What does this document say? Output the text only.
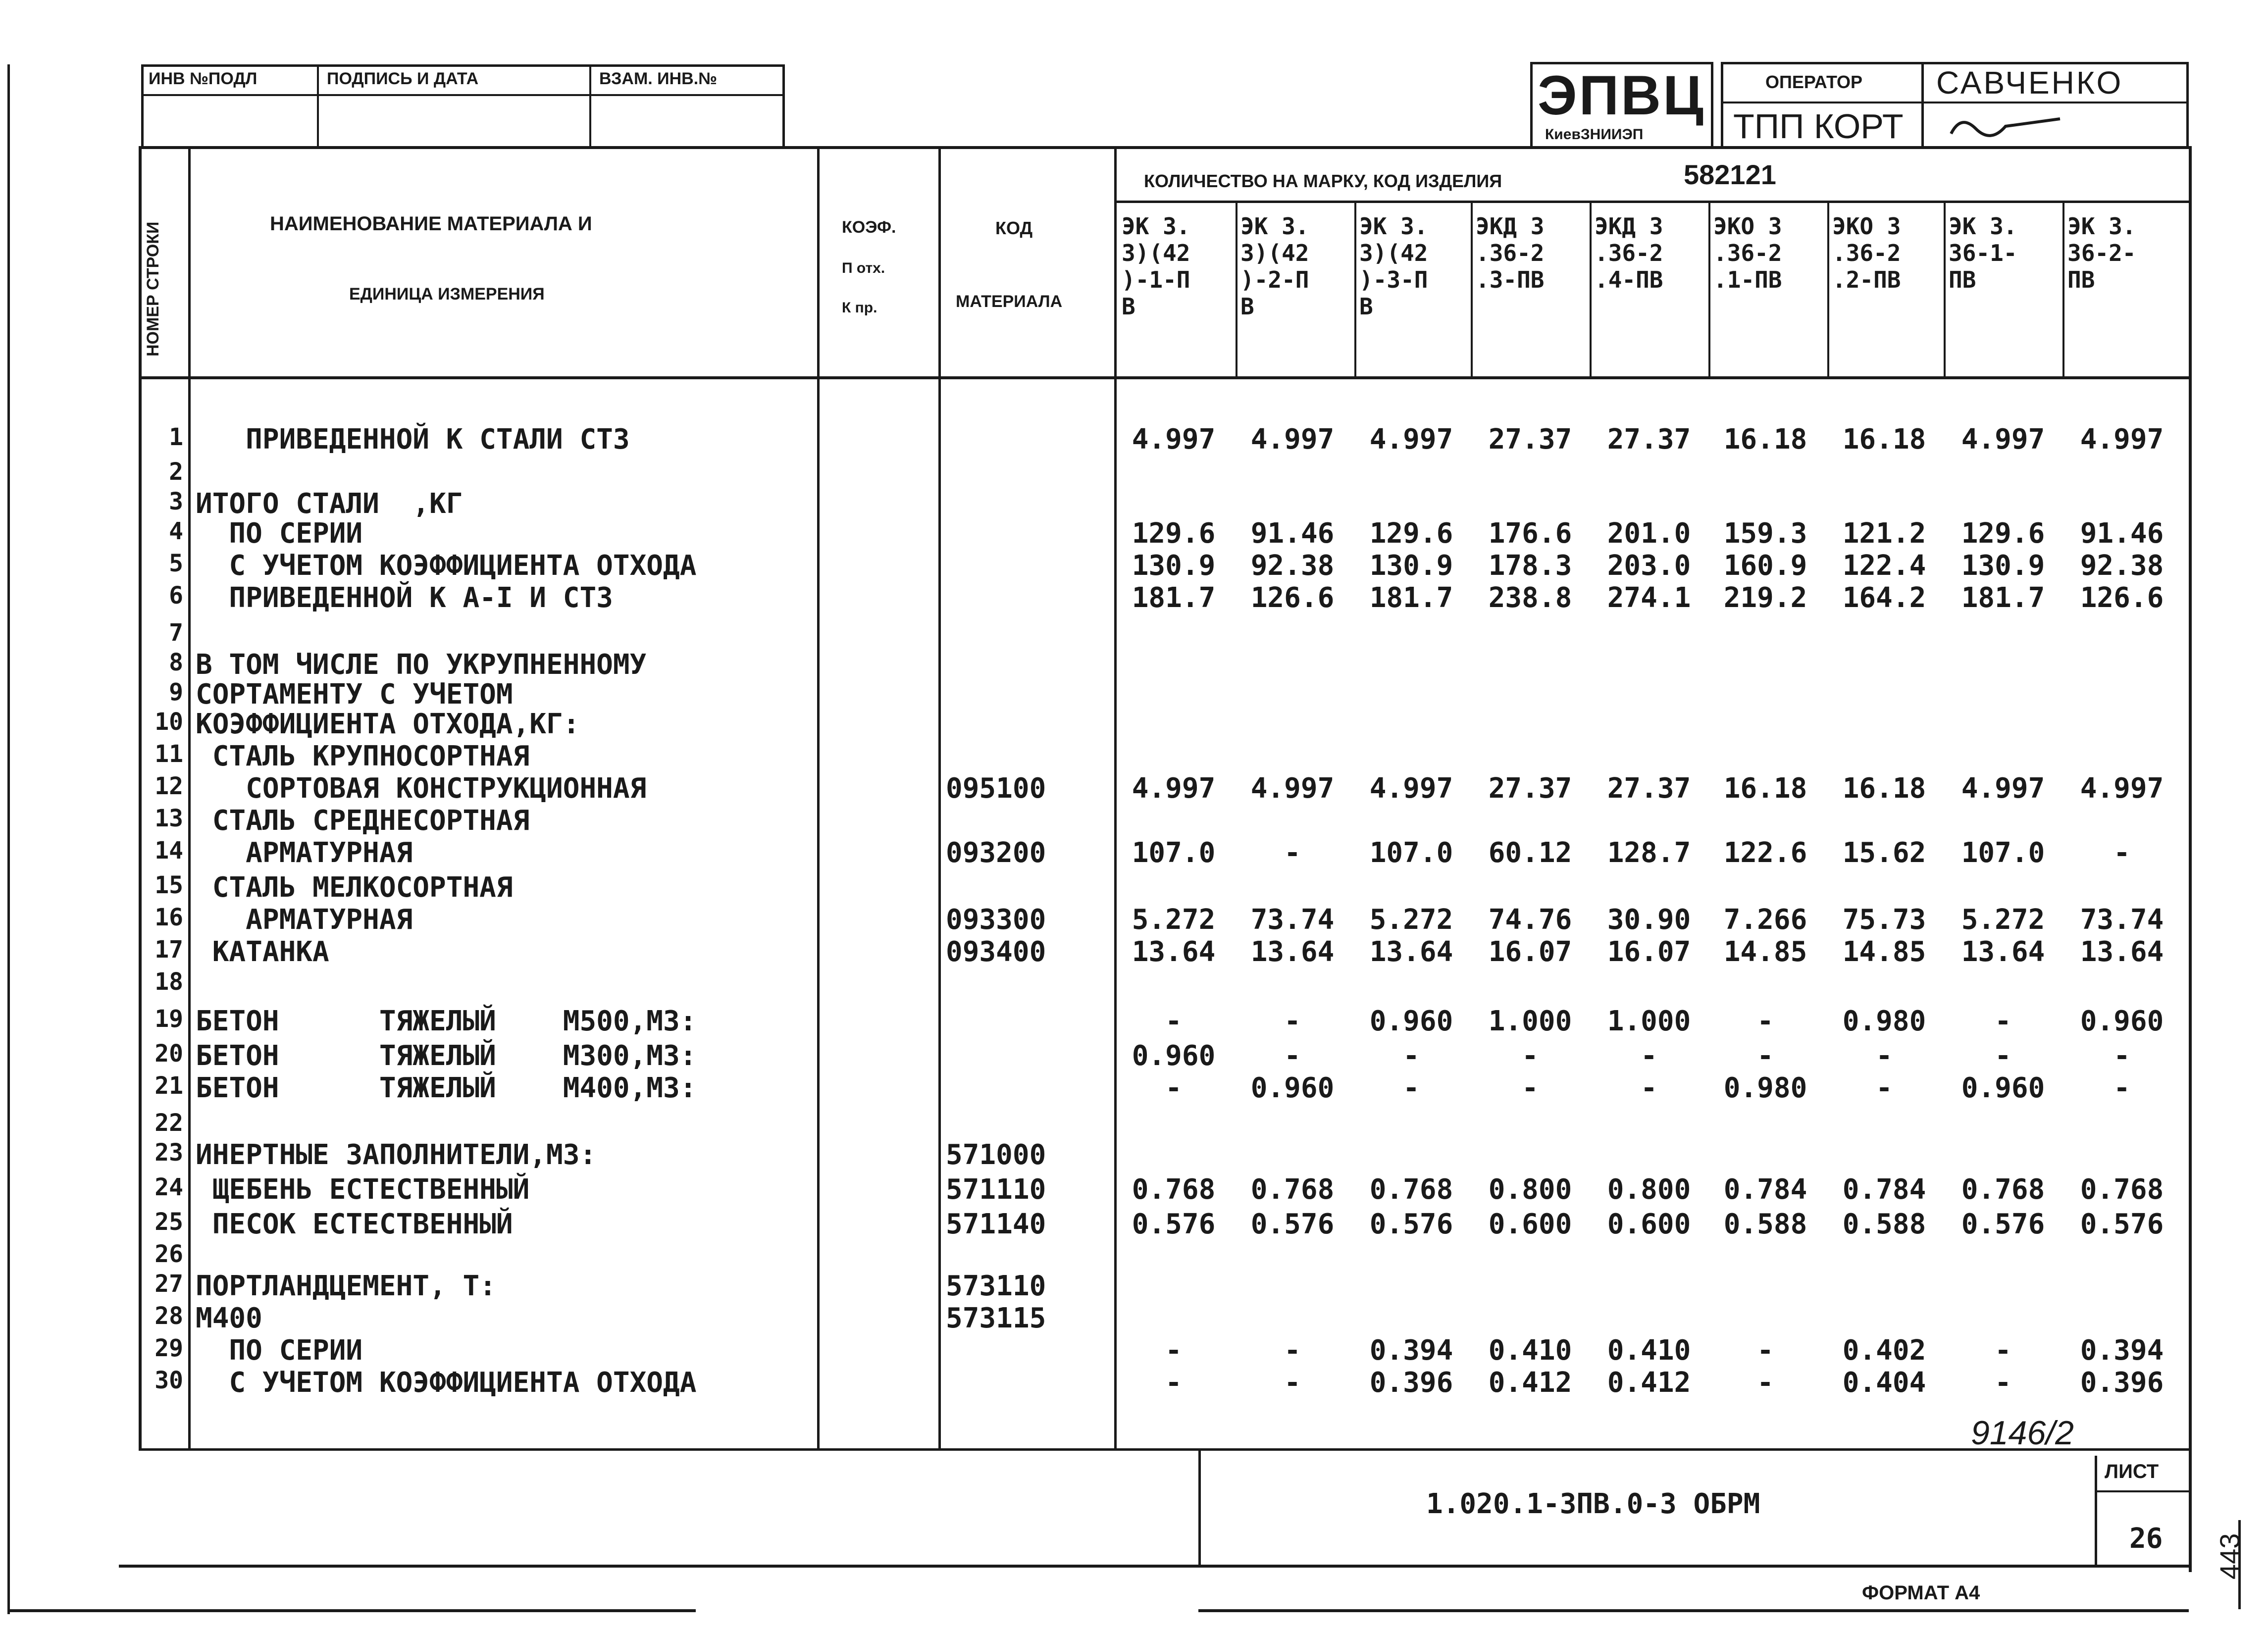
ИНВ №ПОДЛ	ПОДПИСЬ И ДАТА	ВЗАМ. ИНВ.№	ЭПВЦ
КиевЗНИИЭП
ОПЕРАТОР САВЧЕНКО
ТПП КОРТ
НОМЕР СТРОКИ	НАИМЕНОВАНИЕ МАТЕРИАЛА И
ЕДИНИЦА ИЗМЕРЕНИЯ
КОЭФ.
П отх.
К пр.
КОД
МАТЕРИАЛА
КОЛИЧЕСТВО НА МАРКУ, КОД ИЗДЕЛИЯ	582121
ЭК 3.
3)(42
)-1-П
В
ЭК 3.
3)(42
)-2-П
В
ЭК 3.
3)(42
)-3-П
В
ЭКД 3
.36-2
.3-ПВ
ЭКД 3
.36-2
.4-ПВ
ЭКО 3
.36-2
.1-ПВ
ЭКО 3
.36-2
.2-ПВ
ЭК 3.
36-1-
ПВ
ЭК 3.
36-2-
ПВ
1 ПРИВЕДЕННОЙ К СТАЛИ СТЗ	4.997	4.997	4.997	27.37	27.37	16.18	16.18	4.997	4.997
2
3 ИТОГО СТАЛИ  ,КГ
4 ПО СЕРИИ	129.6	91.46	129.6	176.6	201.0	159.3	121.2	129.6	91.46
5 С УЧЕТОМ КОЭФФИЦИЕНТА ОТХОДА	130.9	92.38	130.9	178.3	203.0	160.9	122.4	130.9	92.38
6 ПРИВЕДЕННОЙ К А-I И СТЗ	181.7	126.6	181.7	238.8	274.1	219.2	164.2	181.7	126.6
7
8 В ТОМ ЧИСЛЕ ПО УКРУПНЕННОМУ
9 СОРТАМЕНТУ С УЧЕТОМ
10 КОЭФФИЦИЕНТА ОТХОДА,КГ:
11 СТАЛЬ КРУПНОСОРТНАЯ
12 СОРТОВАЯ КОНСТРУКЦИОННАЯ	095100	4.997	4.997	4.997	27.37	27.37	16.18	16.18	4.997	4.997
13 СТАЛЬ СРЕДНЕСОРТНАЯ
14 АРМАТУРНАЯ	093200	107.0	-	107.0	60.12	128.7	122.6	15.62	107.0	-
15 СТАЛЬ МЕЛКОСОРТНАЯ
16 АРМАТУРНАЯ	093300	5.272	73.74	5.272	74.76	30.90	7.266	75.73	5.272	73.74
17 КАТАНКА	093400	13.64	13.64	13.64	16.07	16.07	14.85	14.85	13.64	13.64
18
19 БЕТОН      ТЯЖЕЛЫЙ    М500,М3:	-	-	0.960	1.000	1.000	-	0.980	-	0.960
20 БЕТОН      ТЯЖЕЛЫЙ    М300,М3:	0.960	-	-	-	-	-	-	-	-
21 БЕТОН      ТЯЖЕЛЫЙ    М400,М3:	-	0.960	-	-	-	0.980	-	0.960	-
22
23 ИНЕРТНЫЕ ЗАПОЛНИТЕЛИ,М3:	571000
24 ЩЕБЕНЬ ЕСТЕСТВЕННЫЙ	571110	0.768	0.768	0.768	0.800	0.800	0.784	0.784	0.768	0.768
25 ПЕСОК ЕСТЕСТВЕННЫЙ	571140	0.576	0.576	0.576	0.600	0.600	0.588	0.588	0.576	0.576
26
27 ПОРТЛАНДЦЕМЕНТ, Т:	573110
28 М400	573115
29 ПО СЕРИИ	-	-	0.394	0.410	0.410	-	0.402	-	0.394
30 С УЧЕТОМ КОЭФФИЦИЕНТА ОТХОДА	-	-	0.396	0.412	0.412	-	0.404	-	0.396
1.020.1-3ПВ.0-3 ОБРМ
ЛИСТ
26
9146/2
ФОРМАТ А4
443
